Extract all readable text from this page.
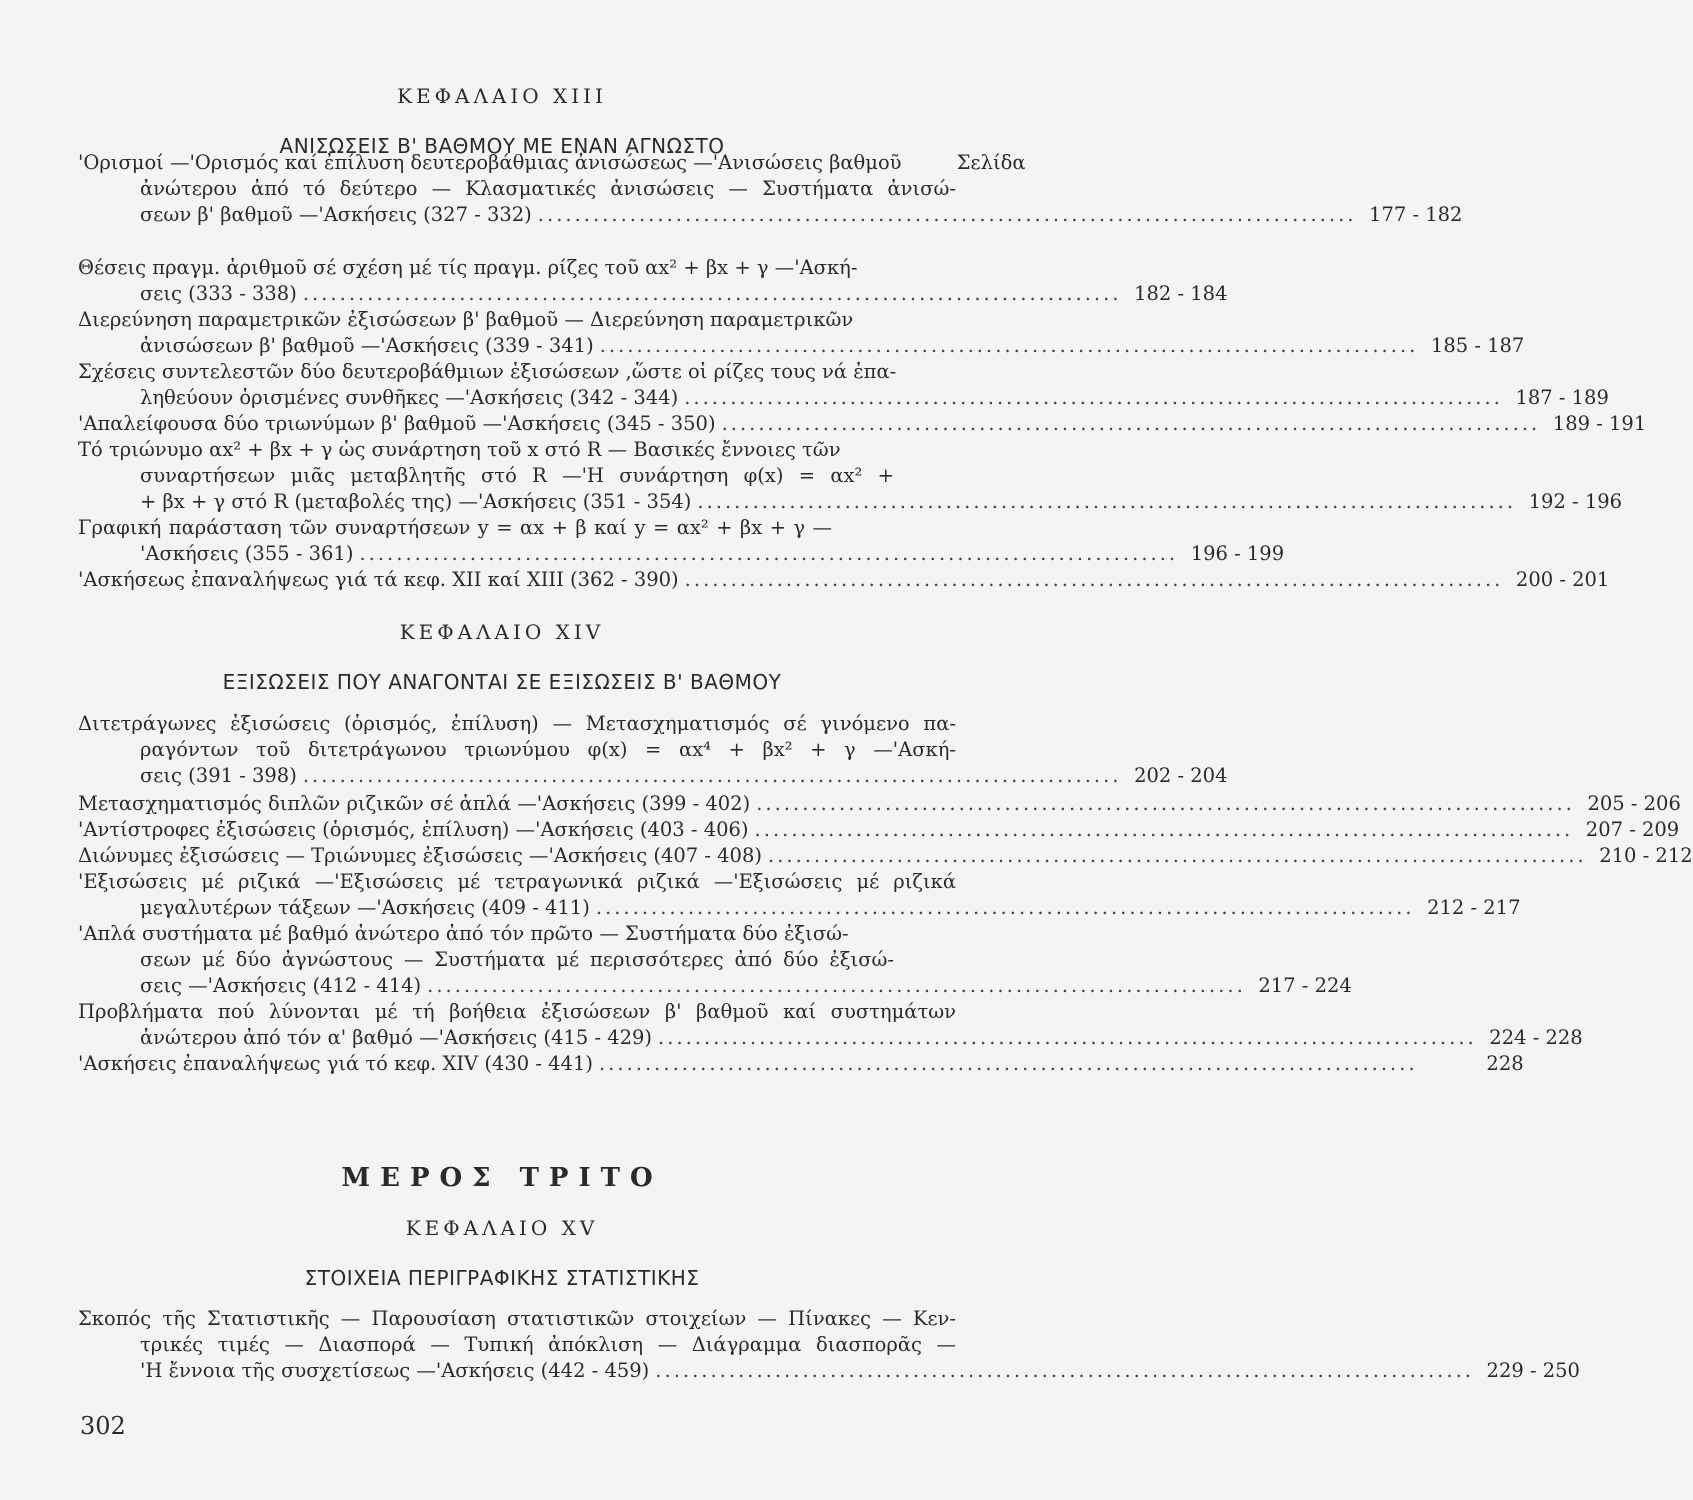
ΚΕΦΑΛΑΙΟ XIII
ΑΝΙΣΩΣΕΙΣ Β' ΒΑΘΜΟΥ ΜΕ ΕΝΑΝ ΑΓΝΩΣΤΟ
'Ορισμοί —'Ορισμός καί ἐπίλυση δευτεροβάθμιας ἀνισώσεως —'Ανισώσεις βαθμοῦ	Σελίδα
ἀνώτερου ἀπό τό δεύτερο — Κλασματικές ἀνισώσεις — Συστήματα ἀνισώ-
σεων β' βαθμοῦ —'Ασκήσεις (327 - 332) ......................................................................................... 177 - 182
Θέσεις πραγμ. ἀριθμοῦ σέ σχέση μέ τίς πραγμ. ρίζες τοῦ αx² + βx + γ —'Ασκή-
σεις (333 - 338) ......................................................................................... 182 - 184
Διερεύνηση παραμετρικῶν ἐξισώσεων β' βαθμοῦ — Διερεύνηση παραμετρικῶν
ἀνισώσεων β' βαθμοῦ —'Ασκήσεις (339 - 341) ......................................................................................... 185 - 187
Σχέσεις συντελεστῶν δύο δευτεροβάθμιων ἐξισώσεων ,ὥστε οἱ ρίζες τους νά ἐπα-
ληθεύουν ὁρισμένες συνθῆκες —'Ασκήσεις (342 - 344) ......................................................................................... 187 - 189
'Απαλείφουσα δύο τριωνύμων β' βαθμοῦ —'Ασκήσεις (345 - 350) ......................................................................................... 189 - 191
Τό τριώνυμο αx² + βx + γ ὡς συνάρτηση τοῦ x στό R — Βασικές ἔννοιες τῶν
συναρτήσεων μιᾶς μεταβλητῆς στό R —'Η συνάρτηση φ(x) = αx² +
+ βx + γ στό R (μεταβολές της) —'Ασκήσεις (351 - 354) ......................................................................................... 192 - 196
Γραφική παράσταση τῶν συναρτήσεων y = αx + β καί y = αx² + βx + γ —
'Ασκήσεις (355 - 361) ......................................................................................... 196 - 199
'Ασκήσεως ἐπαναλήψεως γιά τά κεφ. XII καί XIII (362 - 390) ......................................................................................... 200 - 201
ΚΕΦΑΛΑΙΟ XIV
ΕΞΙΣΩΣΕΙΣ ΠΟΥ ΑΝΑΓΟΝΤΑΙ ΣΕ ΕΞΙΣΩΣΕΙΣ Β' ΒΑΘΜΟΥ
Διτετράγωνες ἐξισώσεις (ὁρισμός, ἐπίλυση) — Μετασχηματισμός σέ γινόμενο πα-
ραγόντων τοῦ διτετράγωνου τριωνύμου φ(x) = αx⁴ + βx² + γ —'Ασκή-
σεις (391 - 398) ......................................................................................... 202 - 204
Μετασχηματισμός διπλῶν ριζικῶν σέ ἁπλά —'Ασκήσεις (399 - 402) ......................................................................................... 205 - 206
'Αντίστροφες ἐξισώσεις (ὁρισμός, ἐπίλυση) —'Ασκήσεις (403 - 406) ......................................................................................... 207 - 209
Διώνυμες ἐξισώσεις — Τριώνυμες ἐξισώσεις —'Ασκήσεις (407 - 408) ......................................................................................... 210 - 212
'Εξισώσεις μέ ριζικά —'Εξισώσεις μέ τετραγωνικά ριζικά —'Εξισώσεις μέ ριζικά
μεγαλυτέρων τάξεων —'Ασκήσεις (409 - 411) ......................................................................................... 212 - 217
'Απλά συστήματα μέ βαθμό ἀνώτερο ἀπό τόν πρῶτο — Συστήματα δύο ἐξισώ-
σεων μέ δύο ἀγνώστους — Συστήματα μέ περισσότερες ἀπό δύο ἐξισώ-
σεις —'Ασκήσεις (412 - 414) ......................................................................................... 217 - 224
Προβλήματα πού λύνονται μέ τή βοήθεια ἐξισώσεων β' βαθμοῦ καί συστημάτων
ἀνώτερου ἀπό τόν α' βαθμό —'Ασκήσεις (415 - 429) ......................................................................................... 224 - 228
'Ασκήσεις ἐπαναλήψεως γιά τό κεφ. XIV (430 - 441) .........................................................................................	228
ΜΕΡΟΣ ΤΡΙΤΟ
ΚΕΦΑΛΑΙΟ XV
ΣΤΟΙΧΕΙΑ ΠΕΡΙΓΡΑΦΙΚΗΣ ΣΤΑΤΙΣΤΙΚΗΣ
Σκοπός τῆς Στατιστικῆς — Παρουσίαση στατιστικῶν στοιχείων — Πίνακες — Κεν-
τρικές τιμές — Διασπορά — Τυπική ἀπόκλιση — Διάγραμμα διασπορᾶς —
'Η ἔννοια τῆς συσχετίσεως —'Ασκήσεις (442 - 459) ......................................................................................... 229 - 250
302
